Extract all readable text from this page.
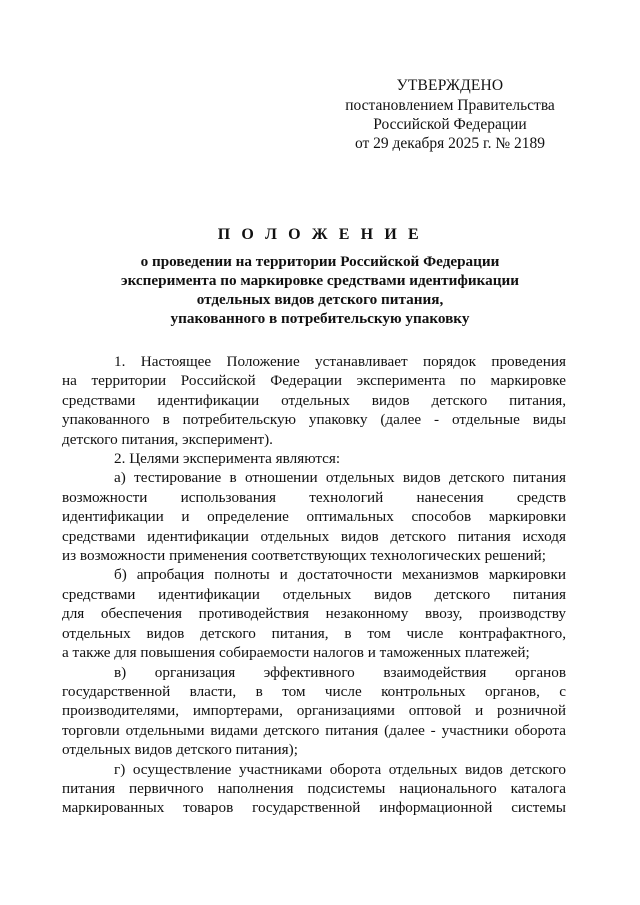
УТВЕРЖДЕНО
постановлением Правительства
Российской Федерации
от 29 декабря 2025 г. № 2189
П О Л О Ж Е Н И Е
о проведении на территории Российской Федерации
эксперимента по маркировке средствами идентификации
отдельных видов детского питания,
упакованного в потребительскую упаковку
1. Настоящее Положение устанавливает порядок проведения
на территории Российской Федерации эксперимента по маркировке
средствами идентификации отдельных видов детского питания,
упакованного в потребительскую упаковку (далее - отдельные виды
детского питания, эксперимент).
2. Целями эксперимента являются:
а) тестирование в отношении отдельных видов детского питания
возможности использования технологий нанесения средств
идентификации и определение оптимальных способов маркировки
средствами идентификации отдельных видов детского питания исходя
из возможности применения соответствующих технологических решений;
б) апробация полноты и достаточности механизмов маркировки
средствами идентификации отдельных видов детского питания
для обеспечения противодействия незаконному ввозу, производству
отдельных видов детского питания, в том числе контрафактного,
а также для повышения собираемости налогов и таможенных платежей;
в) организация эффективного взаимодействия органов
государственной власти, в том числе контрольных органов, с
производителями, импортерами, организациями оптовой и розничной
торговли отдельными видами детского питания (далее - участники оборота
отдельных видов детского питания);
г) осуществление участниками оборота отдельных видов детского
питания первичного наполнения подсистемы национального каталога
маркированных товаров государственной информационной системы
